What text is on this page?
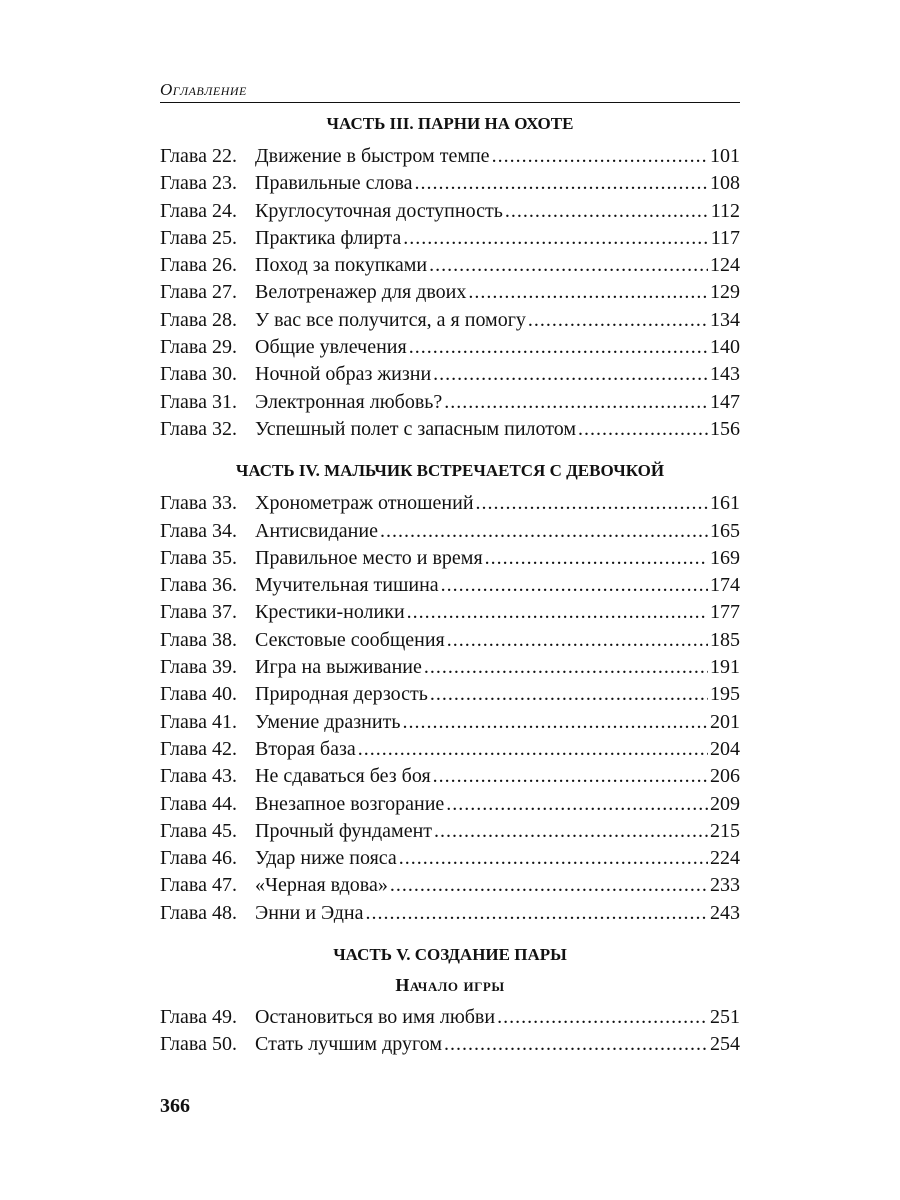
Оглавление
ЧАСТЬ III. ПАРНИ НА ОХОТЕ
Глава 22. Движение в быстром темпе .....	101
Глава 23. Правильные слова .....	108
Глава 24. Круглосуточная доступность .....	112
Глава 25. Практика флирта .....	117
Глава 26. Поход за покупками .....	124
Глава 27. Велотренажер для двоих .....	129
Глава 28. У вас все получится, а я помогу .....	134
Глава 29. Общие увлечения .....	140
Глава 30. Ночной образ жизни .....	143
Глава 31. Электронная любовь? .....	147
Глава 32. Успешный полет с запасным пилотом .....	156
ЧАСТЬ IV. МАЛЬЧИК ВСТРЕЧАЕТСЯ С ДЕВОЧКОЙ
Глава 33. Хронометраж отношений .....	161
Глава 34. Антисвидание .....	165
Глава 35. Правильное место и время .....	169
Глава 36. Мучительная тишина .....	174
Глава 37. Крестики-нолики .....	177
Глава 38. Секстовые сообщения .....	185
Глава 39. Игра на выживание .....	191
Глава 40. Природная дерзость .....	195
Глава 41. Умение дразнить .....	201
Глава 42. Вторая база .....	204
Глава 43. Не сдаваться без боя .....	206
Глава 44. Внезапное возгорание .....	209
Глава 45. Прочный фундамент .....	215
Глава 46. Удар ниже пояса .....	224
Глава 47. «Черная вдова» .....	233
Глава 48. Энни и Эдна .....	243
ЧАСТЬ V. СОЗДАНИЕ ПАРЫ
Начало игры
Глава 49. Остановиться во имя любви .....	251
Глава 50. Стать лучшим другом .....	254
366
